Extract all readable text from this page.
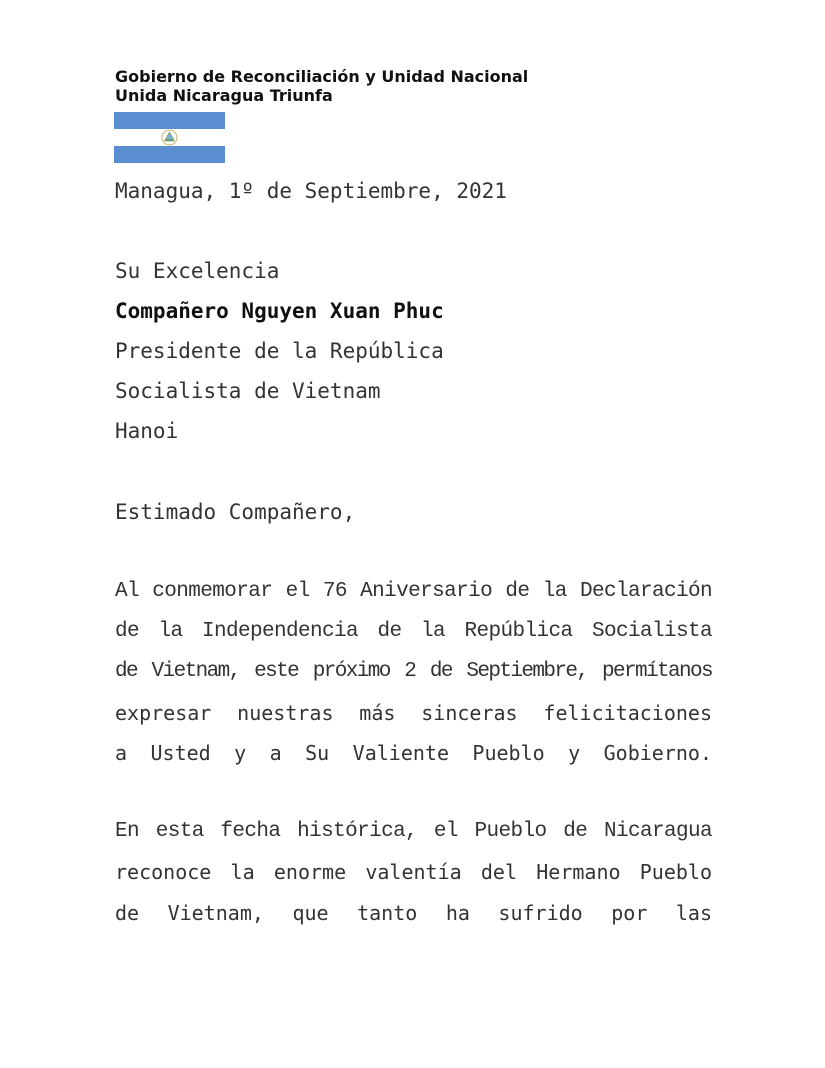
Gobierno de Reconciliación y Unidad Nacional
Unida Nicaragua Triunfa
Managua, 1º de Septiembre, 2021
Su Excelencia
Compañero Nguyen Xuan Phuc
Presidente de la República
Socialista de Vietnam
Hanoi
Estimado Compañero,
Al conmemorar el 76 Aniversario de la Declaración
de la Independencia de la República Socialista
de Vietnam, este próximo 2 de Septiembre, permítanos
expresar nuestras más sinceras felicitaciones
a Usted y a Su Valiente Pueblo y Gobierno.
En esta fecha histórica, el Pueblo de Nicaragua
reconoce la enorme valentía del Hermano Pueblo
de Vietnam, que tanto ha sufrido por las
